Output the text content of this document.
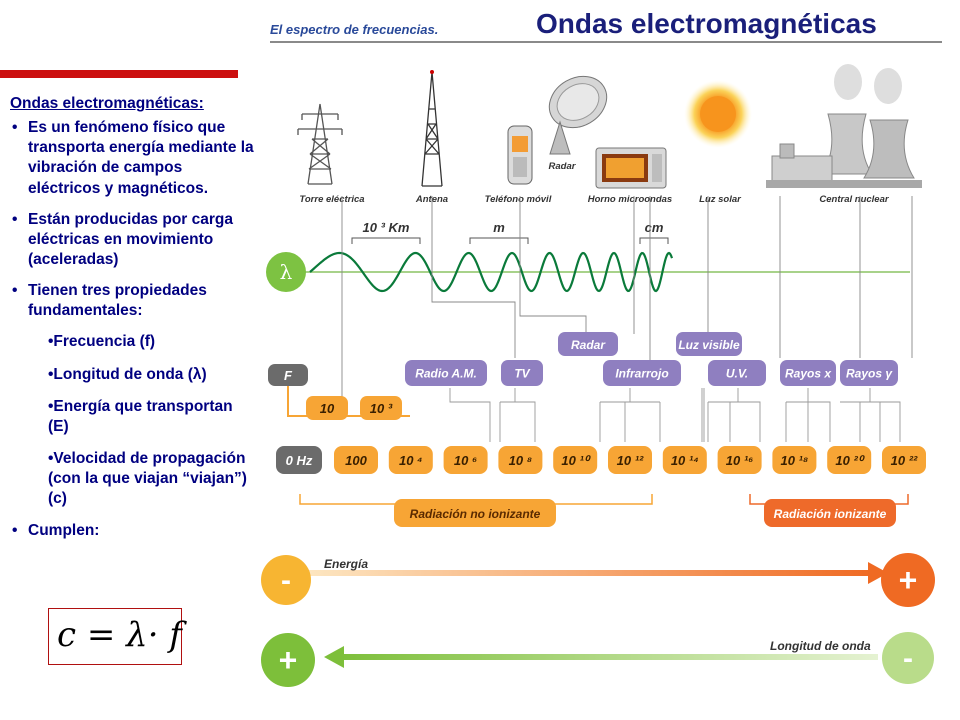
Ondas electromagnéticas
El espectro de frecuencias.
Ondas electromagnéticas:
• Es un fenómeno físico que transporta energía mediante la vibración de campos eléctricos y magnéticos.
• Están producidas por carga eléctricas en movimiento (aceleradas)
• Tienen tres propiedades fundamentales:
•Frecuencia (f)
•Longitud de onda (λ)
•Energía que transportan (E)
•Velocidad de propagación (con la que viajan “viajan”) (c)
• Cumplen:
c = λ· f
Torre eléctrica	Antena	Teléfono móvil
Radar
Horno microondas	Luz solar	Central nuclear
λ
10 ³ Km	m	cm
F
Radar	Luz visible
Radio A.M.	TV	Infrarrojo	U.V.	Rayos x Rayos γ
10	10 ³
0 Hz	100 10 ⁴ 10 ⁶ 10 ⁸ 10 ¹⁰ 10 ¹² 10 ¹⁴ 10 ¹⁶ 10 ¹⁸ 10 ²⁰ 10 ²²
Radiación no ionizante	Radiación ionizante
Energía
-	+
Longitud de onda
+	-
